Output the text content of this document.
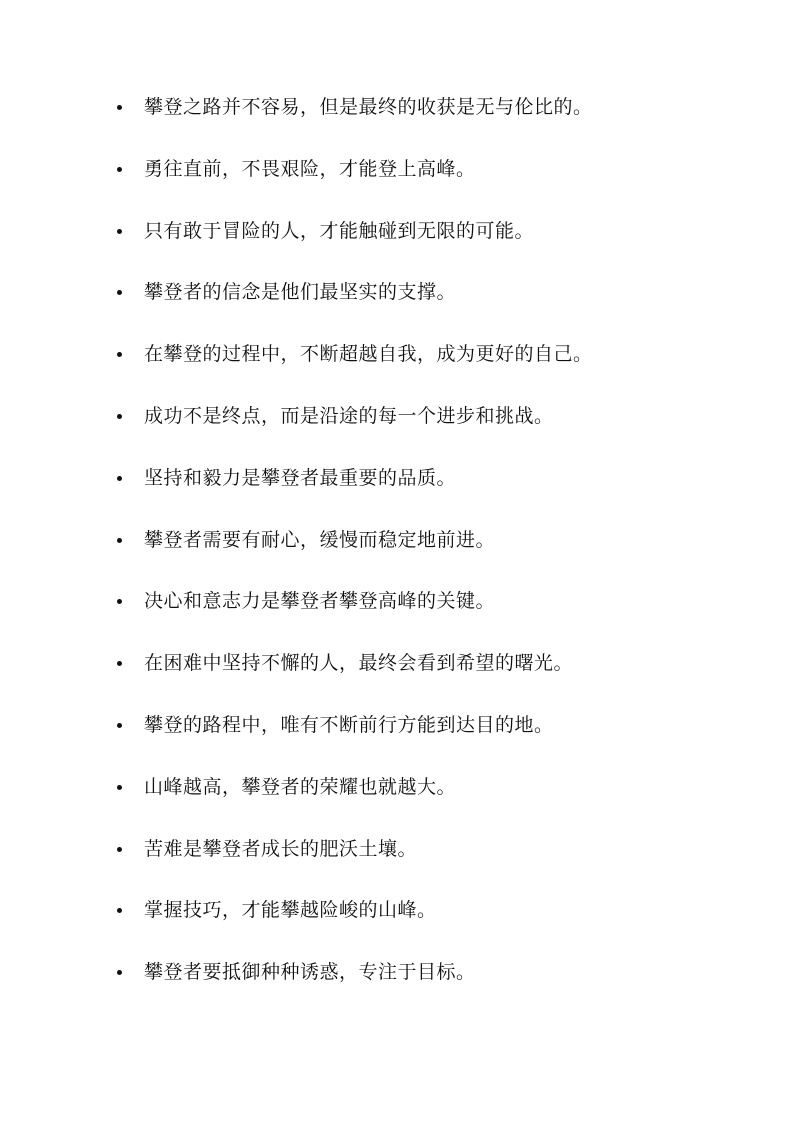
攀登之路并不容易，但是最终的收获是无与伦比的。
勇往直前，不畏艰险，才能登上高峰。
只有敢于冒险的人，才能触碰到无限的可能。
攀登者的信念是他们最坚实的支撑。
在攀登的过程中，不断超越自我，成为更好的自己。
成功不是终点，而是沿途的每一个进步和挑战。
坚持和毅力是攀登者最重要的品质。
攀登者需要有耐心，缓慢而稳定地前进。
决心和意志力是攀登者攀登高峰的关键。
在困难中坚持不懈的人，最终会看到希望的曙光。
攀登的路程中，唯有不断前行方能到达目的地。
山峰越高，攀登者的荣耀也就越大。
苦难是攀登者成长的肥沃土壤。
掌握技巧，才能攀越险峻的山峰。
攀登者要抵御种种诱惑，专注于目标。
